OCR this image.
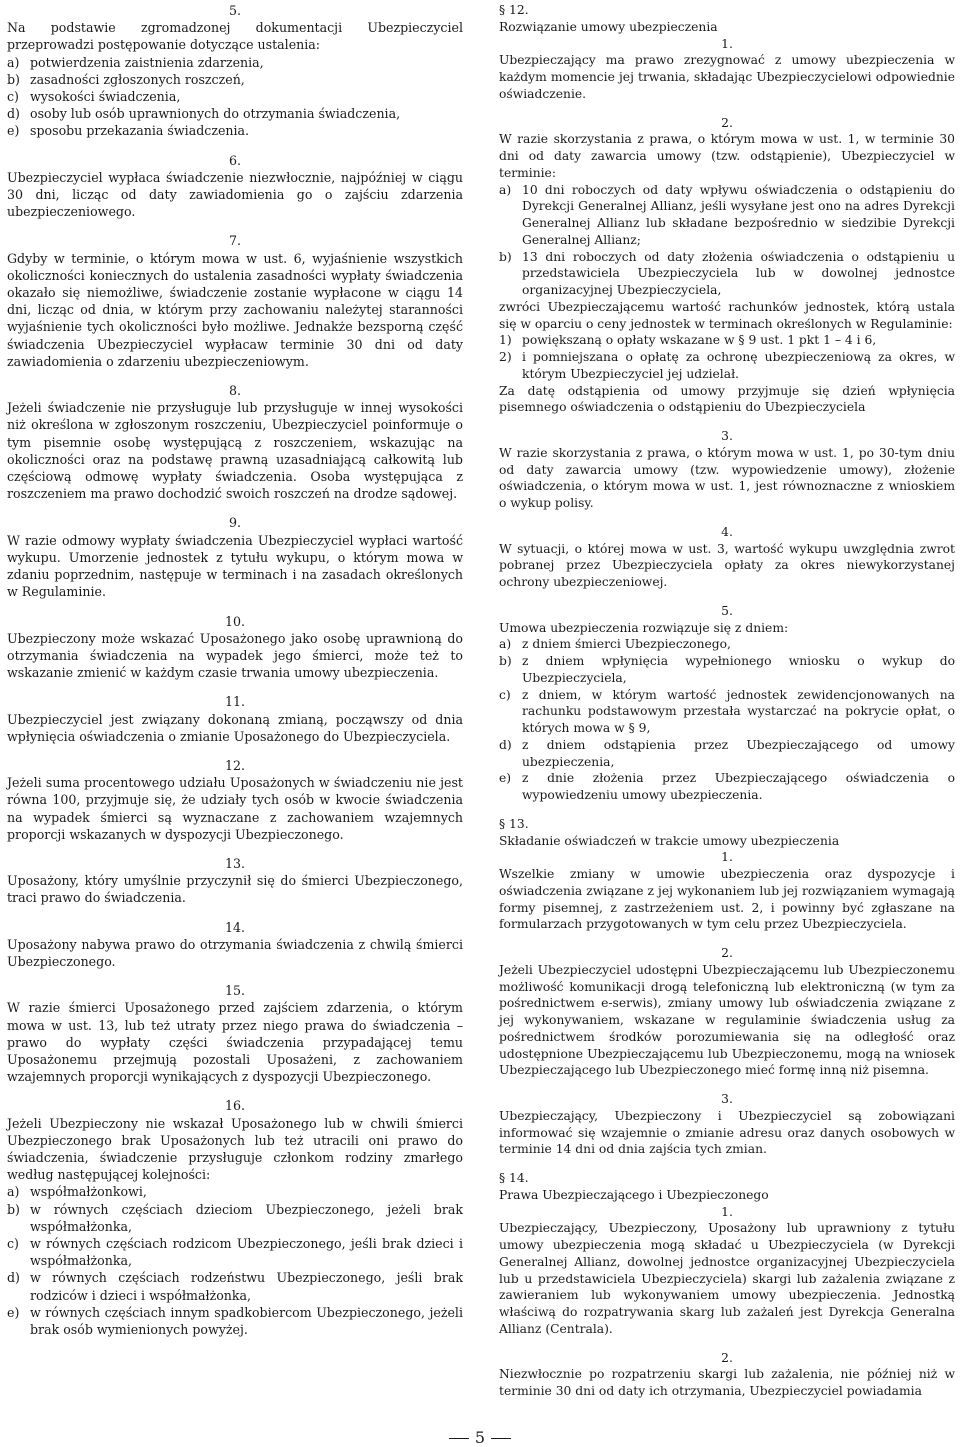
5.

Na podstawie zgromadzonej dokumentacji Ubezpieczyciel przeprowadzi postępowanie dotyczące ustalenia:

a) potwierdzenia zaistnienia zdarzenia,
b) zasadności zgłoszonych roszczeń,
c) wysokości świadczenia,
d) osoby lub osób uprawnionych do otrzymania świadczenia,
e) sposobu przekazania świadczenia.

6.

Ubezpieczyciel wypłaca świadczenie niezwłocznie, najpóźniej w ciągu 30 dni, licząc od daty zawiadomienia go o zajściu zdarzenia ubezpieczeniowego.

7.

Gdyby w terminie, o którym mowa w ust. 6, wyjaśnienie wszystkich okoliczności koniecznych do ustalenia zasadności wypłaty świadczenia okazało się niemożliwe, świadczenie zostanie wypłacone w ciągu 14 dni, licząc od dnia, w którym przy zachowaniu należytej staranności wyjaśnienie tych okoliczności było możliwe. Jednakże bezsporną część świadczenia Ubezpieczyciel wypłacaw terminie 30 dni od daty zawiadomienia o zdarzeniu ubezpieczeniowym.

8.

Jeżeli świadczenie nie przysługuje lub przysługuje w innej wysokości niż określona w zgłoszonym roszczeniu, Ubezpieczyciel poinformuje o tym pisemnie osobę występującą z roszczeniem, wskazując na okoliczności oraz na podstawę prawną uzasadniającą całkowitą lub częściową odmowę wypłaty świadczenia. Osoba występująca z roszczeniem ma prawo dochodzić swoich roszczeń na drodze sądowej.

9.

W razie odmowy wypłaty świadczenia Ubezpieczyciel wypłaci wartość wykupu. Umorzenie jednostek z tytułu wykupu, o którym mowa w zdaniu poprzednim, następuje w terminach i na zasadach określonych w Regulaminie.

10.

Ubezpieczony może wskazać Uposażonego jako osobę uprawnioną do otrzymania świadczenia na wypadek jego śmierci, może też to wskazanie zmienić w każdym czasie trwania umowy ubezpieczenia.

11.

Ubezpieczyciel jest związany dokonaną zmianą, począwszy od dnia wpłynięcia oświadczenia o zmianie Uposażonego do Ubezpieczyciela.

12.

Jeżeli suma procentowego udziału Uposażonych w świadczeniu nie jest równa 100, przyjmuje się, że udziały tych osób w kwocie świadczenia na wypadek śmierci są wyznaczane z zachowaniem wzajemnych proporcji wskazanych w dyspozycji Ubezpieczonego.

13.

Uposażony, który umyślnie przyczynił się do śmierci Ubezpieczonego, traci prawo do świadczenia.

14.

Uposażony nabywa prawo do otrzymania świadczenia z chwilą śmierci Ubezpieczonego.

15.

W razie śmierci Uposażonego przed zajściem zdarzenia, o którym mowa w ust. 13, lub też utraty przez niego prawa do świadczenia – prawo do wypłaty części świadczenia przypadającej temu Uposażonemu przejmują pozostali Uposażeni, z zachowaniem wzajemnych proporcji wynikających z dyspozycji Ubezpieczonego.

16.

Jeżeli Ubezpieczony nie wskazał Uposażonego lub w chwili śmierci Ubezpieczonego brak Uposażonych lub też utracili oni prawo do świadczenia, świadczenie przysługuje członkom rodziny zmarłego według następującej kolejności:

a) współmałżonkowi,
b) w równych częściach dzieciom Ubezpieczonego, jeżeli brak współmałżonka,
c) w równych częściach rodzicom Ubezpieczonego, jeśli brak dzieci i współmałżonka,
d) w równych częściach rodzeństwu Ubezpieczonego, jeśli brak rodziców i dzieci i współmałżonka,
e) w równych częściach innym spadkobiercom Ubezpieczonego, jeżeli brak osób wymienionych powyżej.

§ 12.

Rozwiązanie umowy ubezpieczenia

1.

Ubezpieczający ma prawo zrezygnować z umowy ubezpieczenia w każdym momencie jej trwania, składając Ubezpieczycielowi odpowiednie oświadczenie.

2.

W razie skorzystania z prawa, o którym mowa w ust. 1, w terminie 30 dni od daty zawarcia umowy (tzw. odstąpienie), Ubezpieczyciel w terminie:

a) 10 dni roboczych od daty wpływu oświadczenia o odstąpieniu do Dyrekcji Generalnej Allianz, jeśli wysyłane jest ono na adres Dyrekcji Generalnej Allianz lub składane bezpośrednio w siedzibie Dyrekcji Generalnej Allianz;
b) 13 dni roboczych od daty złożenia oświadczenia o odstąpieniu u przedstawiciela Ubezpieczyciela lub w dowolnej jednostce organizacyjnej Ubezpieczyciela,

zwróci Ubezpieczającemu wartość rachunków jednostek, którą ustala się w oparciu o ceny jednostek w terminach określonych w Regulaminie:

1) powiększaną o opłaty wskazane w § 9 ust. 1 pkt 1 – 4 i 6,
2) i pomniejszana o opłatę za ochronę ubezpieczeniową za okres, w którym Ubezpieczyciel jej udzielał.

Za datę odstąpienia od umowy przyjmuje się dzień wpłynięcia pisemnego oświadczenia o odstąpieniu do Ubezpieczyciela

3.

W razie skorzystania z prawa, o którym mowa w ust. 1, po 30-tym dniu od daty zawarcia umowy (tzw. wypowiedzenie umowy), złożenie oświadczenia, o którym mowa w ust. 1, jest równoznaczne z wnioskiem o wykup polisy.

4.

W sytuacji, o której mowa w ust. 3, wartość wykupu uwzględnia zwrot pobranej przez Ubezpieczyciela opłaty za okres niewykorzystanej ochrony ubezpieczeniowej.

5.

Umowa ubezpieczenia rozwiązuje się z dniem:

a) z dniem śmierci Ubezpieczonego,
b) z dniem wpłynięcia wypełnionego wniosku o wykup do Ubezpieczyciela,
c) z dniem, w którym wartość jednostek zewidencjonowanych na rachunku podstawowym przestała wystarczać na pokrycie opłat, o których mowa w § 9,
d) z dniem odstąpienia przez Ubezpieczającego od umowy ubezpieczenia,
e) z dnie złożenia przez Ubezpieczającego oświadczenia o wypowiedzeniu umowy ubezpieczenia.

§ 13.

Składanie oświadczeń w trakcie umowy ubezpieczenia

1.

Wszelkie zmiany w umowie ubezpieczenia oraz dyspozycje i oświadczenia związane z jej wykonaniem lub jej rozwiązaniem wymagają formy pisemnej, z zastrzeżeniem ust. 2, i powinny być zgłaszane na formularzach przygotowanych w tym celu przez Ubezpieczyciela.

2.

Jeżeli Ubezpieczyciel udostępni Ubezpieczającemu lub Ubezpieczonemu możliwość komunikacji drogą telefoniczną lub elektroniczną (w tym za pośrednictwem e-serwis), zmiany umowy lub oświadczenia związane z jej wykonywaniem, wskazane w regulaminie świadczenia usług za pośrednictwem środków porozumiewania się na odległość oraz udostępnione Ubezpieczającemu lub Ubezpieczonemu, mogą na wniosek Ubezpieczającego lub Ubezpieczonego mieć formę inną niż pisemna.

3.

Ubezpieczający, Ubezpieczony i Ubezpieczyciel są zobowiązani informować się wzajemnie o zmianie adresu oraz danych osobowych w terminie 14 dni od dnia zajścia tych zmian.

§ 14.

Prawa Ubezpieczającego i Ubezpieczonego

1.

Ubezpieczający, Ubezpieczony, Uposażony lub uprawniony z tytułu umowy ubezpieczenia mogą składać u Ubezpieczyciela (w Dyrekcji Generalnej Allianz, dowolnej jednostce organizacyjnej Ubezpieczyciela lub u przedstawiciela Ubezpieczyciela) skargi lub zażalenia związane z zawieraniem lub wykonywaniem umowy ubezpieczenia. Jednostką właściwą do rozpatrywania skarg lub zażaleń jest Dyrekcja Generalna Allianz (Centrala).

2.

Niezwłocznie po rozpatrzeniu skargi lub zażalenia, nie później niż w terminie 30 dni od daty ich otrzymania, Ubezpieczyciel powiadamia

5
